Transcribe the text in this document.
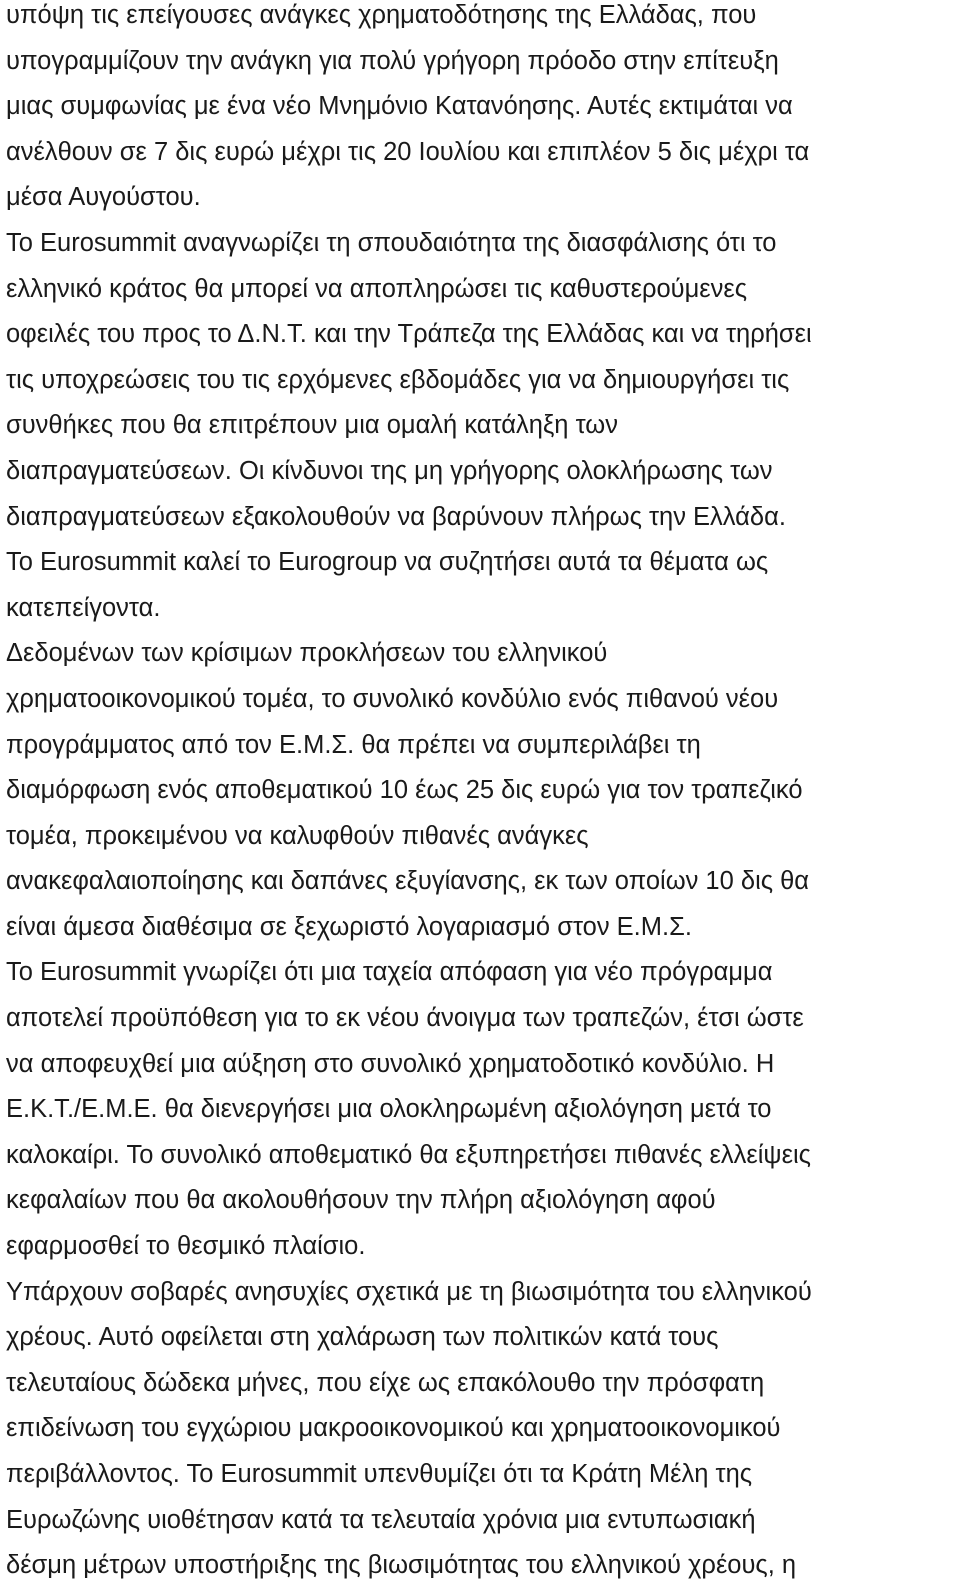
υπόψη τις επείγουσες ανάγκες χρηματοδότησης της Ελλάδας, που
υπογραμμίζουν την ανάγκη για πολύ γρήγορη πρόοδο στην επίτευξη
μιας συμφωνίας με ένα νέο Μνημόνιο Κατανόησης. Αυτές εκτιμάται να
ανέλθουν σε 7 δις ευρώ μέχρι τις 20 Ιουλίου και επιπλέον 5 δις μέχρι τα
μέσα Αυγούστου.
Το Eurosummit αναγνωρίζει τη σπουδαιότητα της διασφάλισης ότι το
ελληνικό κράτος θα μπορεί να αποπληρώσει τις καθυστερούμενες
οφειλές του προς το Δ.Ν.Τ. και την Τράπεζα της Ελλάδας και να τηρήσει
τις υποχρεώσεις του τις ερχόμενες εβδομάδες για να δημιουργήσει τις
συνθήκες που θα επιτρέπουν μια ομαλή κατάληξη των
διαπραγματεύσεων. Οι κίνδυνοι της μη γρήγορης ολοκλήρωσης των
διαπραγματεύσεων εξακολουθούν να βαρύνουν πλήρως την Ελλάδα.
Το Eurosummit καλεί το Eurogroup να συζητήσει αυτά τα θέματα ως
κατεπείγοντα.
Δεδομένων των κρίσιμων προκλήσεων του ελληνικού
χρηματοοικονομικού τομέα, το συνολικό κονδύλιο ενός πιθανού νέου
προγράμματος από τον Ε.Μ.Σ. θα πρέπει να συμπεριλάβει τη
διαμόρφωση ενός αποθεματικού 10 έως 25 δις ευρώ για τον τραπεζικό
τομέα, προκειμένου να καλυφθούν πιθανές ανάγκες
ανακεφαλαιοποίησης και δαπάνες εξυγίανσης, εκ των οποίων 10 δις θα
είναι άμεσα διαθέσιμα σε ξεχωριστό λογαριασμό στον Ε.Μ.Σ.
Το Eurosummit γνωρίζει ότι μια ταχεία απόφαση για νέο πρόγραμμα
αποτελεί προϋπόθεση για το εκ νέου άνοιγμα των τραπεζών, έτσι ώστε
να αποφευχθεί μια αύξηση στο συνολικό χρηματοδοτικό κονδύλιο. Η
Ε.Κ.Τ./Ε.Μ.Ε. θα διενεργήσει μια ολοκληρωμένη αξιολόγηση μετά το
καλοκαίρι. Το συνολικό αποθεματικό θα εξυπηρετήσει πιθανές ελλείψεις
κεφαλαίων που θα ακολουθήσουν την πλήρη αξιολόγηση αφού
εφαρμοσθεί το θεσμικό πλαίσιο.
Υπάρχουν σοβαρές ανησυχίες σχετικά με τη βιωσιμότητα του ελληνικού
χρέους. Αυτό οφείλεται στη χαλάρωση των πολιτικών κατά τους
τελευταίους δώδεκα μήνες, που είχε ως επακόλουθο την πρόσφατη
επιδείνωση του εγχώριου μακροοικονομικού και χρηματοοικονομικού
περιβάλλοντος. Το Eurosummit υπενθυμίζει ότι τα Κράτη Μέλη της
Ευρωζώνης υιοθέτησαν κατά τα τελευταία χρόνια μια εντυπωσιακή
δέσμη μέτρων υποστήριξης της βιωσιμότητας του ελληνικού χρέους, η
